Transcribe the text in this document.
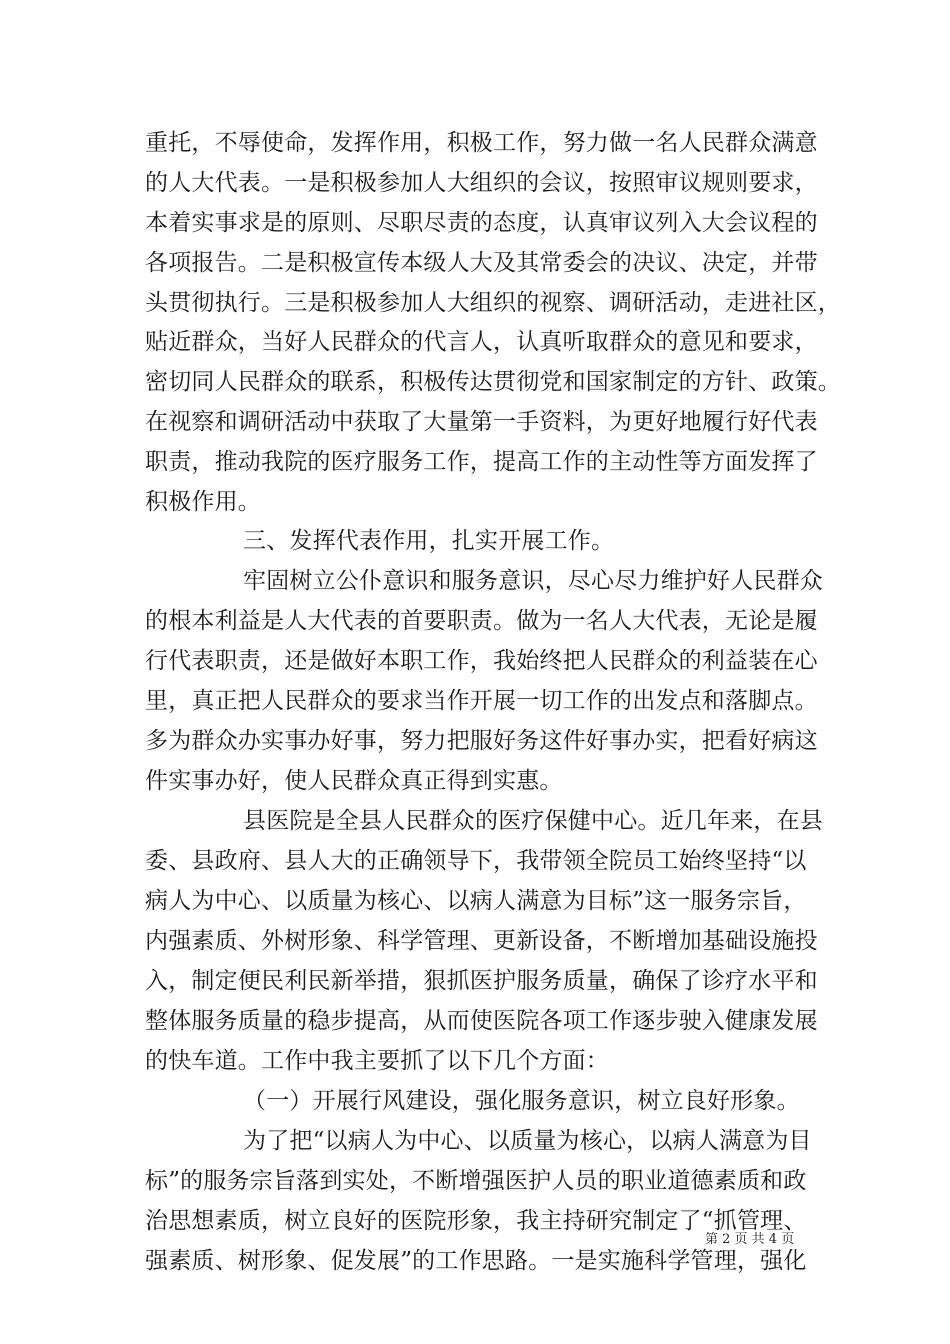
重托，不辱使命，发挥作用，积极工作，努力做一名人民群众满意
的人大代表。一是积极参加人大组织的会议，按照审议规则要求，
本着实事求是的原则、尽职尽责的态度，认真审议列入大会议程的
各项报告。二是积极宣传本级人大及其常委会的决议、决定，并带
头贯彻执行。三是积极参加人大组织的视察、调研活动，走进社区，
贴近群众，当好人民群众的代言人，认真听取群众的意见和要求，
密切同人民群众的联系，积极传达贯彻党和国家制定的方针、政策。
在视察和调研活动中获取了大量第一手资料，为更好地履行好代表
职责，推动我院的医疗服务工作，提高工作的主动性等方面发挥了
积极作用。
三、发挥代表作用，扎实开展工作。
牢固树立公仆意识和服务意识，尽心尽力维护好人民群众
的根本利益是人大代表的首要职责。做为一名人大代表，无论是履
行代表职责，还是做好本职工作，我始终把人民群众的利益装在心
里，真正把人民群众的要求当作开展一切工作的出发点和落脚点。
多为群众办实事办好事，努力把服好务这件好事办实，把看好病这
件实事办好，使人民群众真正得到实惠。
县医院是全县人民群众的医疗保健中心。近几年来，在县
委、县政府、县人大的正确领导下，我带领全院员工始终坚持“以
病人为中心、以质量为核心、以病人满意为目标”这一服务宗旨，
内强素质、外树形象、科学管理、更新设备，不断增加基础设施投
入，制定便民利民新举措，狠抓医护服务质量，确保了诊疗水平和
整体服务质量的稳步提高，从而使医院各项工作逐步驶入健康发展
的快车道。工作中我主要抓了以下几个方面：
（一）开展行风建设，强化服务意识，树立良好形象。
为了把“以病人为中心、以质量为核心，以病人满意为目
标”的服务宗旨落到实处，不断增强医护人员的职业道德素质和政
治思想素质，树立良好的医院形象，我主持研究制定了“抓管理、
强素质、树形象、促发展”的工作思路。一是实施科学管理，强化
第 2 页 共 4 页
